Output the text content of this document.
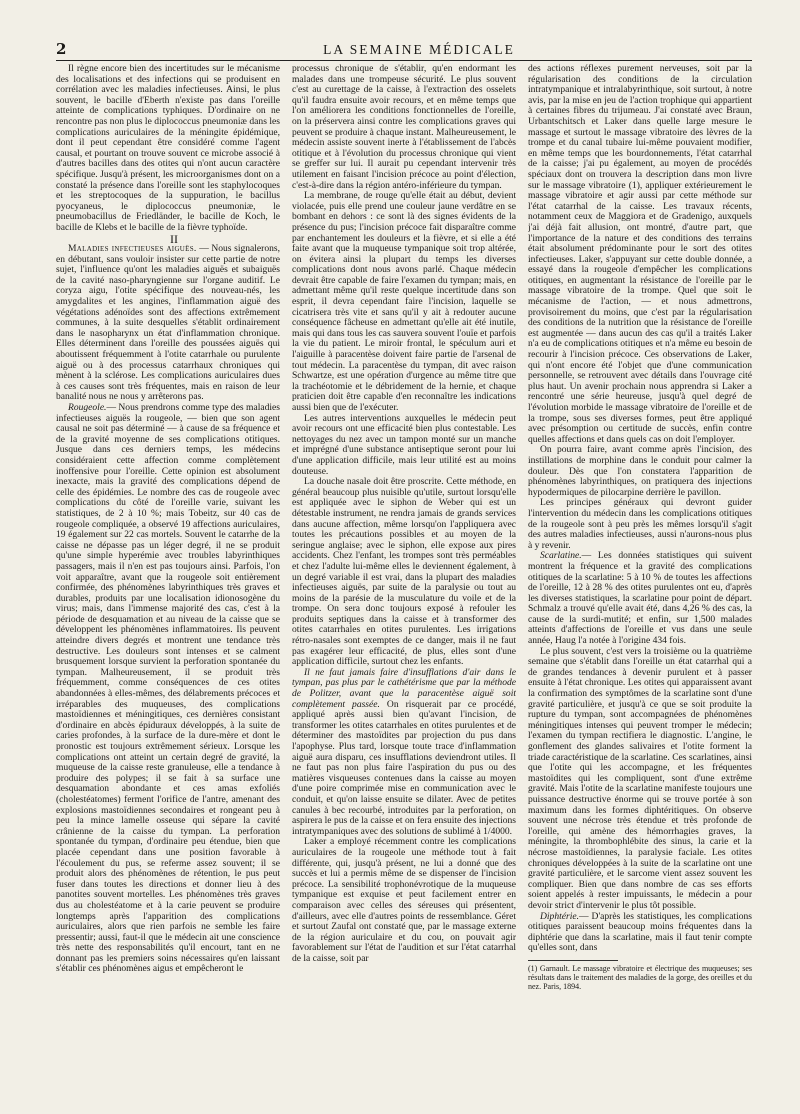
2	LA SEMAINE MÉDICALE

Il règne encore bien des incertitudes sur le mécanisme des localisations et des infections qui se produisent en corrélation avec les maladies infectieuses. Ainsi, le plus souvent, le bacille d'Eberth n'existe pas dans l'oreille atteinte de complications typhiques. D'ordinaire on ne rencontre pas non plus le diplococcus pneumoniæ dans les complications auriculaires de la méningite épidémique, dont il peut cependant être considéré comme l'agent causal, et pourtant on trouve souvent ce microbe associé à d'autres bacilles dans des otites qui n'ont aucun caractère spécifique. Jusqu'à présent, les microorganismes dont on a constaté la présence dans l'oreille sont les staphylocoques et les streptocoques de la suppuration, le bacillus pyocyaneus, le diplococcus pneumoniæ, le pneumobacillus de Friedländer, le bacille de Koch, le bacille de Klebs et le bacille de la fièvre typhoïde.

II

Maladies infectieuses aiguës. — Nous signalerons, en débutant, sans vouloir insister sur cette partie de notre sujet, l'influence qu'ont les maladies aiguës et subaiguës de la cavité naso-pharyngienne sur l'organe auditif. Le coryza aigu, l'otite spécifique des nouveau-nés, les amygdalites et les angines, l'inflammation aiguë des végétations adénoïdes sont des affections extrêmement communes, à la suite desquelles s'établit ordinairement dans le nasopharynx un état d'inflammation chronique. Elles déterminent dans l'oreille des poussées aiguës qui aboutissent fréquemment à l'otite catarrhale ou purulente aiguë ou à des processus catarrhaux chroniques qui mènent à la sclérose. Les complications auriculaires dues à ces causes sont très fréquentes, mais en raison de leur banalité nous ne nous y arrêterons pas.

Rougeole.— Nous prendrons comme type des maladies infectieuses aiguës la rougeole, — bien que son agent causal ne soit pas déterminé — à cause de sa fréquence et de la gravité moyenne de ses complications otitiques. Jusque dans ces derniers temps, les médecins considéraient cette affection comme complètement inoffensive pour l'oreille. Cette opinion est absolument inexacte, mais la gravité des complications dépend de celle des épidémies. Le nombre des cas de rougeole avec complications du côté de l'oreille varie, suivant les statistiques, de 2 à 10 %; mais Tobeitz, sur 40 cas de rougeole compliquée, a observé 19 affections auriculaires, 19 également sur 22 cas mortels. Souvent le catarrhe de la caisse ne dépasse pas un léger degré, il ne se produit qu'une simple hyperémie avec troubles labyrinthiques passagers, mais il n'en est pas toujours ainsi. Parfois, l'on voit apparaître, avant que la rougeole soit entièrement confirmée, des phénomènes labyrinthiques très graves et durables, produits par une localisation idionosogène du virus; mais, dans l'immense majorité des cas, c'est à la période de desquamation et au niveau de la caisse que se développent les phénomènes inflammatoires. Ils peuvent atteindre divers degrés et montrent une tendance très destructive. Les douleurs sont intenses et se calment brusquement lorsque survient la perforation spontanée du tympan. Malheureusement, il se produit très fréquemment, comme conséquences de ces otites abandonnées à elles-mêmes, des délabrements précoces et irréparables des muqueuses, des complications mastoïdiennes et méningitiques, ces dernières consistant d'ordinaire en abcès épiduraux développés, à la suite de caries profondes, à la surface de la dure-mère et dont le pronostic est toujours extrêmement sérieux. Lorsque les complications ont atteint un certain degré de gravité, la muqueuse de la caisse reste granuleuse, elle a tendance à produire des polypes; il se fait à sa surface une desquamation abondante et ces amas exfoliés (cholestéatomes) ferment l'orifice de l'antre, amenant des explosions mastoïdiennes secondaires et rongeant peu à peu la mince lamelle osseuse qui sépare la cavité crânienne de la caisse du tympan. La perforation spontanée du tympan, d'ordinaire peu étendue, bien que placée cependant dans une position favorable à l'écoulement du pus, se referme assez souvent; il se produit alors des phénomènes de rétention, le pus peut fuser dans toutes les directions et donner lieu à des panotites souvent mortelles. Les phénomènes très graves dus au cholestéatome et à la carie peuvent se produire longtemps après l'apparition des complications auriculaires, alors que rien parfois ne semble les faire pressentir; aussi, faut-il que le médecin ait une conscience très nette des responsabilités qu'il encourt, tant en ne donnant pas les premiers soins nécessaires qu'en laissant s'établir ces phénomènes aigus et empêcheront le

processus chronique de s'établir, qu'en endormant les malades dans une trompeuse sécurité. Le plus souvent c'est au curettage de la caisse, à l'extraction des osselets qu'il faudra ensuite avoir recours, et en même temps que l'on améliorera les conditions fonctionnelles de l'oreille, on la préservera ainsi contre les complications graves qui peuvent se produire à chaque instant. Malheureusement, le médecin assiste souvent inerte à l'établissement de l'abcès otitique et à l'évolution du processus chronique qui vient se greffer sur lui. Il aurait pu cependant intervenir très utilement en faisant l'incision précoce au point d'élection, c'est-à-dire dans la région antéro-inférieure du tympan.

La membrane, de rouge qu'elle était au début, devient violacée, puis elle prend une couleur jaune verdâtre en se bombant en dehors : ce sont là des signes évidents de la présence du pus; l'incision précoce fait disparaître comme par enchantement les douleurs et la fièvre, et si elle a été faite avant que la muqueuse tympanique soit trop altérée, on évitera ainsi la plupart du temps les diverses complications dont nous avons parlé. Chaque médecin devrait être capable de faire l'examen du tympan; mais, en admettant même qu'il reste quelque incertitude dans son esprit, il devra cependant faire l'incision, laquelle se cicatrisera très vite et sans qu'il y ait à redouter aucune conséquence fâcheuse en admettant qu'elle ait été inutile, mais qui dans tous les cas sauvera souvent l'ouïe et parfois la vie du patient. Le miroir frontal, le spéculum auri et l'aiguille à paracentèse doivent faire partie de l'arsenal de tout médecin. La paracentèse du tympan, dit avec raison Schwartze, est une opération d'urgence au même titre que la trachéotomie et le débridement de la hernie, et chaque praticien doit être capable d'en reconnaître les indications aussi bien que de l'exécuter.

Les autres interventions auxquelles le médecin peut avoir recours ont une efficacité bien plus contestable. Les nettoyages du nez avec un tampon monté sur un manche et imprégné d'une substance antiseptique seront pour lui d'une application difficile, mais leur utilité est au moins douteuse.

La douche nasale doit être proscrite. Cette méthode, en général beaucoup plus nuisible qu'utile, surtout lorsqu'elle est appliquée avec le siphon de Weber qui est un détestable instrument, ne rendra jamais de grands services dans aucune affection, même lorsqu'on l'appliquera avec toutes les précautions possibles et au moyen de la seringue anglaise; avec le siphon, elle expose aux pires accidents. Chez l'enfant, les trompes sont très perméables et chez l'adulte lui-même elles le deviennent également, à un degré variable il est vrai, dans la plupart des maladies infectieuses aiguës, par suite de la paralysie ou tout au moins de la parésie de la musculature du voile et de la trompe. On sera donc toujours exposé à refouler les produits septiques dans la caisse et à transformer des otites catarrhales en otites purulentes. Les irrigations rétro-nasales sont exemptes de ce danger, mais il ne faut pas exagérer leur efficacité, de plus, elles sont d'une application difficile, surtout chez les enfants.

Il ne faut jamais faire d'insufflations d'air dans le tympan, pas plus par le cathétérisme que par la méthode de Politzer, avant que la paracentèse aiguë soit complètement passée. On risquerait par ce procédé, appliqué après aussi bien qu'avant l'incision, de transformer les otites catarrhales en otites purulentes et de déterminer des mastoïdites par projection du pus dans l'apophyse. Plus tard, lorsque toute trace d'inflammation aiguë aura disparu, ces insufflations deviendront utiles. Il ne faut pas non plus faire l'aspiration du pus ou des matières visqueuses contenues dans la caisse au moyen d'une poire comprimée mise en communication avec le conduit, et qu'on laisse ensuite se dilater. Avec de petites canules à bec recourbé, introduites par la perforation, on aspirera le pus de la caisse et on fera ensuite des injections intratympaniques avec des solutions de sublimé à 1/4000.

Laker a employé récemment contre les complications auriculaires de la rougeole une méthode tout à fait différente, qui, jusqu'à présent, ne lui a donné que des succès et lui a permis même de se dispenser de l'incision précoce. La sensibilité trophonévrotique de la muqueuse tympanique est exquise et peut facilement entrer en comparaison avec celles des séreuses qui présentent, d'ailleurs, avec elle d'autres points de ressemblance. Géret et surtout Zaufal ont constaté que, par le massage externe de la région auriculaire et du cou, on pouvait agir favorablement sur l'état de l'audition et sur l'état catarrhal de la caisse, soit par

des actions réflexes purement nerveuses, soit par la régularisation des conditions de la circulation intratympanique et intralabyrinthique, soit surtout, à notre avis, par la mise en jeu de l'action trophique qui appartient à certaines fibres du trijumeau. J'ai constaté avec Braun, Urbantschitsch et Laker dans quelle large mesure le massage et surtout le massage vibratoire des lèvres de la trompe et du canal tubaire lui-même pouvaient modifier, en même temps que les bourdonnements, l'état catarrhal de la caisse; j'ai pu également, au moyen de procédés spéciaux dont on trouvera la description dans mon livre sur le massage vibratoire (1), appliquer extérieurement le massage vibratoire et agir aussi par cette méthode sur l'état catarrhal de la caisse. Les travaux récents, notamment ceux de Maggiora et de Gradenigo, auxquels j'ai déjà fait allusion, ont montré, d'autre part, que l'importance de la nature et des conditions des terrains était absolument prédominante pour le sort des otites infectieuses. Laker, s'appuyant sur cette double donnée, a essayé dans la rougeole d'empêcher les complications otitiques, en augmentant la résistance de l'oreille par le massage vibratoire de la trompe. Quel que soit le mécanisme de l'action, — et nous admettrons, provisoirement du moins, que c'est par la régularisation des conditions de la nutrition que la résistance de l'oreille est augmentée — dans aucun des cas qu'il a traités Laker n'a eu de complications otitiques et n'a même eu besoin de recourir à l'incision précoce. Ces observations de Laker, qui n'ont encore été l'objet que d'une communication personnelle, se retrouvent avec détails dans l'ouvrage cité plus haut. Un avenir prochain nous apprendra si Laker a rencontré une série heureuse, jusqu'à quel degré de l'évolution morbide le massage vibratoire de l'oreille et de la trompe, sous ses diverses formes, peut être appliqué avec présomption ou certitude de succès, enfin contre quelles affections et dans quels cas on doit l'employer.

On pourra faire, avant comme après l'incision, des instillations de morphine dans le conduit pour calmer la douleur. Dès que l'on constatera l'apparition de phénomènes labyrinthiques, on pratiquera des injections hypodermiques de pilocarpine derrière le pavillon.

Les principes généraux qui devront guider l'intervention du médecin dans les complications otitiques de la rougeole sont à peu près les mêmes lorsqu'il s'agit des autres maladies infectieuses, aussi n'aurons-nous plus à y revenir.

Scarlatine.— Les données statistiques qui suivent montrent la fréquence et la gravité des complications otitiques de la scarlatine: 5 à 10 % de toutes les affections de l'oreille, 12 à 28 % des otites purulentes ont eu, d'après les diverses statistiques, la scarlatine pour point de départ. Schmalz a trouvé qu'elle avait été, dans 4,26 % des cas, la cause de la surdi-mutité; et enfin, sur 1,500 malades atteints d'affections de l'oreille et vus dans une seule année, Haug l'a notée à l'origine 434 fois.

Le plus souvent, c'est vers la troisième ou la quatrième semaine que s'établit dans l'oreille un état catarrhal qui a de grandes tendances à devenir purulent et à passer ensuite à l'état chronique. Les otites qui apparaissent avant la confirmation des symptômes de la scarlatine sont d'une gravité particulière, et jusqu'à ce que se soit produite la rupture du tympan, sont accompagnées de phénomènes méningitiques intenses qui peuvent tromper le médecin; l'examen du tympan rectifiera le diagnostic. L'angine, le gonflement des glandes salivaires et l'otite forment la triade caractéristique de la scarlatine. Ces scarlatines, ainsi que l'otite qui les accompagne, et les fréquentes mastoïdites qui les compliquent, sont d'une extrême gravité. Mais l'otite de la scarlatine manifeste toujours une puissance destructive énorme qui se trouve portée à son maximum dans les formes diphtéritiques. On observe souvent une nécrose très étendue et très profonde de l'oreille, qui amène des hémorrhagies graves, la méningite, la thrombophlébite des sinus, la carie et la nécrose mastoïdiennes, la paralysie faciale. Les otites chroniques développées à la suite de la scarlatine ont une gravité particulière, et le sarcome vient assez souvent les compliquer. Bien que dans nombre de cas ses efforts soient appelés à rester impuissants, le médecin a pour devoir strict d'intervenir le plus tôt possible.

Diphtérie.— D'après les statistiques, les complications otitiques paraissent beaucoup moins fréquentes dans la diphtérie que dans la scarlatine, mais il faut tenir compte qu'elles sont, dans

(1) Garnault. Le massage vibratoire et électrique des muqueuses; ses résultats dans le traitement des maladies de la gorge, des oreilles et du nez. Paris, 1894.
